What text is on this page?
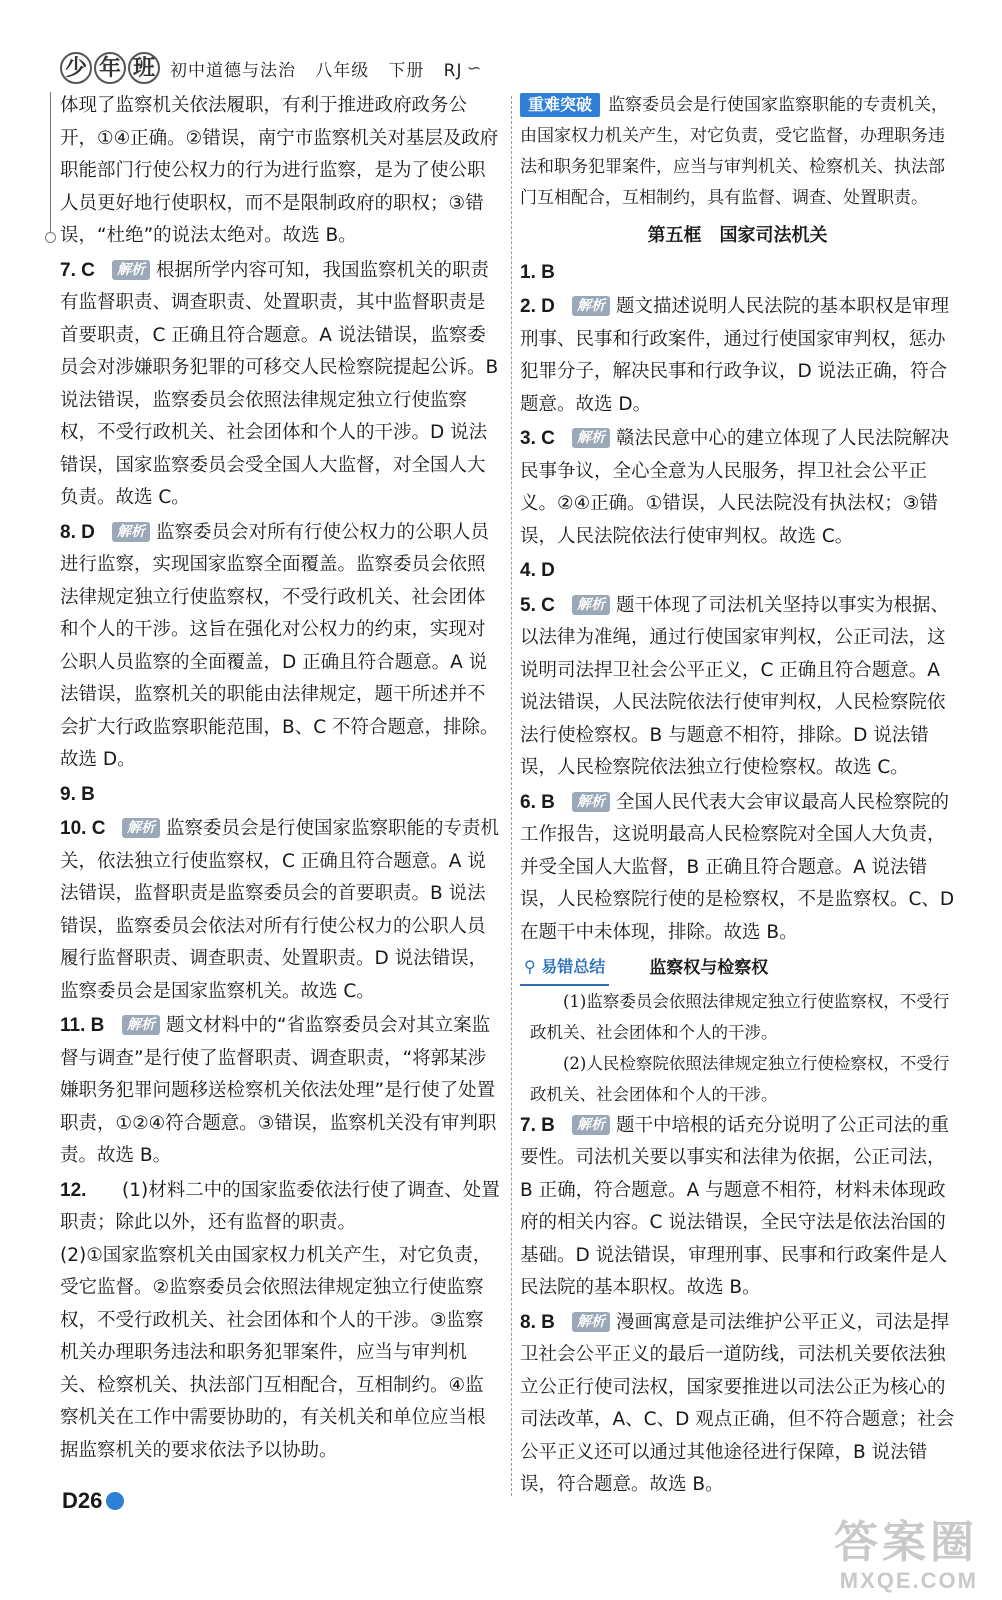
少 年 班 初中道德与法治   八年级   下册   RJ ∽
体现了监察机关依法履职，有利于推进政府政务公开，①④正确。②错误，南宁市监察机关对基层及政府职能部门行使公权力的行为进行监察，是为了使公职人员更好地行使职权，而不是限制政府的职权；③错误，“杜绝”的说法太绝对。故选 B。
7. C 解析 根据所学内容可知，我国监察机关的职责有监督职责、调查职责、处置职责，其中监督职责是首要职责，C 正确且符合题意。A 说法错误，监察委员会对涉嫌职务犯罪的可移交人民检察院提起公诉。B 说法错误，监察委员会依照法律规定独立行使监察权，不受行政机关、社会团体和个人的干涉。D 说法错误，国家监察委员会受全国人大监督，对全国人大负责。故选 C。
8. D 解析 监察委员会对所有行使公权力的公职人员进行监察，实现国家监察全面覆盖。监察委员会依照法律规定独立行使监察权，不受行政机关、社会团体和个人的干涉。这旨在强化对公权力的约束，实现对公职人员监察的全面覆盖，D 正确且符合题意。A 说法错误，监察机关的职能由法律规定，题干所述并不会扩大行政监察职能范围，B、C 不符合题意，排除。故选 D。
9. B
10. C 解析 监察委员会是行使国家监察职能的专责机关，依法独立行使监察权，C 正确且符合题意。A 说法错误，监督职责是监察委员会的首要职责。B 说法错误，监察委员会依法对所有行使公权力的公职人员履行监督职责、调查职责、处置职责。D 说法错误，监察委员会是国家监察机关。故选 C。
11. B 解析 题文材料中的“省监察委员会对其立案监督与调查”是行使了监督职责、调查职责，“将郭某涉嫌职务犯罪问题移送检察机关依法处理”是行使了处置职责，①②④符合题意。③错误，监察机关没有审判职责。故选 B。
12. (1)材料二中的国家监委依法行使了调查、处置职责；除此以外，还有监督的职责。
(2)①国家监察机关由国家权力机关产生，对它负责，受它监督。②监察委员会依照法律规定独立行使监察权，不受行政机关、社会团体和个人的干涉。③监察机关办理职务违法和职务犯罪案件，应当与审判机关、检察机关、执法部门互相配合，互相制约。④监察机关在工作中需要协助的，有关机关和单位应当根据监察机关的要求依法予以协助。
重难突破 监察委员会是行使国家监察职能的专责机关，由国家权力机关产生，对它负责，受它监督，办理职务违法和职务犯罪案件，应当与审判机关、检察机关、执法部门互相配合，互相制约，具有监督、调查、处置职责。
第五框　国家司法机关
1. B
2. D 解析 题文描述说明人民法院的基本职权是审理刑事、民事和行政案件，通过行使国家审判权，惩办犯罪分子，解决民事和行政争议，D 说法正确，符合题意。故选 D。
3. C 解析 赣法民意中心的建立体现了人民法院解决民事争议，全心全意为人民服务，捍卫社会公平正义。②④正确。①错误，人民法院没有执法权；③错误，人民法院依法行使审判权。故选 C。
4. D
5. C 解析 题干体现了司法机关坚持以事实为根据、以法律为准绳，通过行使国家审判权，公正司法，这说明司法捍卫社会公平正义，C 正确且符合题意。A 说法错误，人民法院依法行使审判权，人民检察院依法行使检察权。B 与题意不相符，排除。D 说法错误，人民检察院依法独立行使检察权。故选 C。
6. B 解析 全国人民代表大会审议最高人民检察院的工作报告，这说明最高人民检察院对全国人大负责，并受全国人大监督，B 正确且符合题意。A 说法错误，人民检察院行使的是检察权，不是监察权。C、D 在题干中未体现，排除。故选 B。
⚲
易错总结	监察权与检察权

(1)监察委员会依照法律规定独立行使监察权，不受行政机关、社会团体和个人的干涉。

(2)人民检察院依照法律规定独立行使检察权，不受行政机关、社会团体和个人的干涉。

7. B 解析 题干中培根的话充分说明了公正司法的重要性。司法机关要以事实和法律为依据，公正司法，B 正确，符合题意。A 与题意不相符，材料未体现政府的相关内容。C 说法错误，全民守法是依法治国的基础。D 说法错误，审理刑事、民事和行政案件是人民法院的基本职权。故选 B。
8. B 解析 漫画寓意是司法维护公平正义，司法是捍卫社会公平正义的最后一道防线，司法机关要依法独立公正行使司法权，国家要推进以司法公正为核心的司法改革，A、C、D 观点正确，但不符合题意；社会公平正义还可以通过其他途径进行保障，B 说法错误，符合题意。故选 B。
D26
答案圈
MXQE.COM
